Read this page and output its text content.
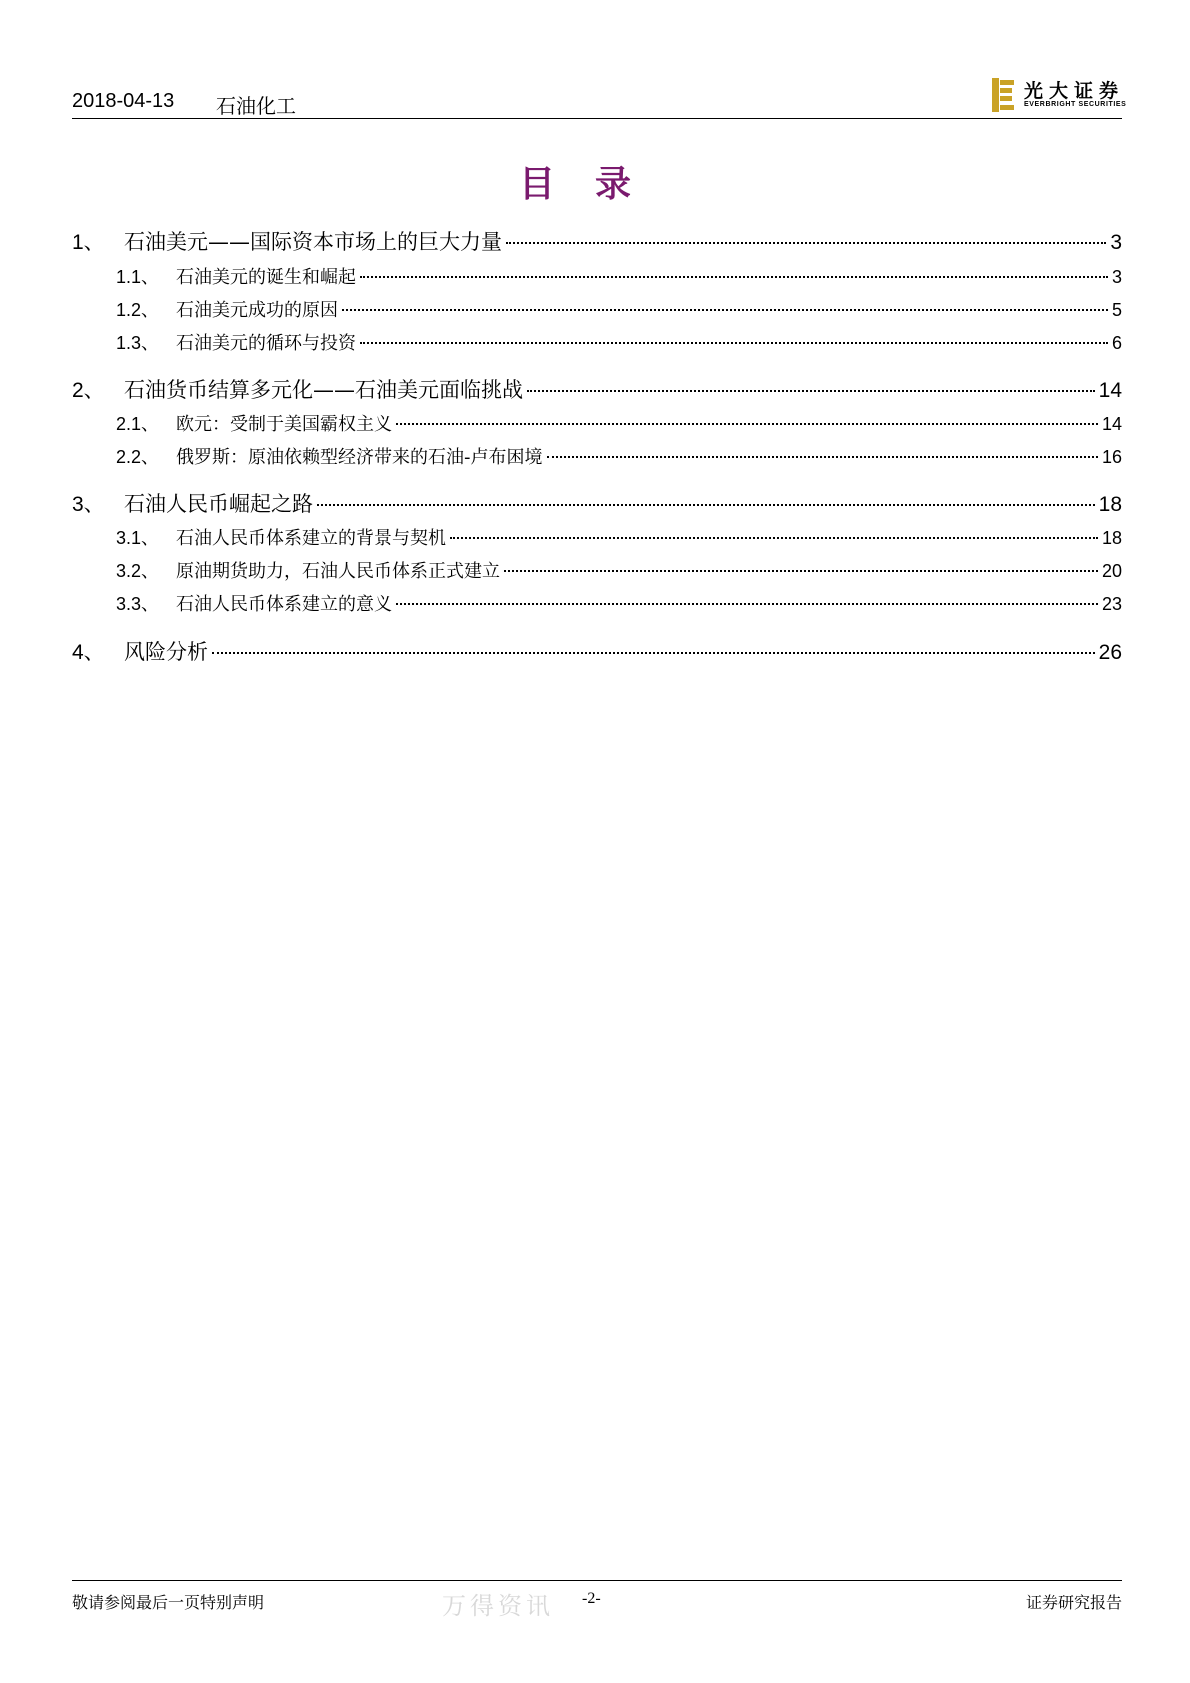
2018-04-13 石油化工
光大证券
EVERBRIGHT SECURITIES
目录
1、 石油美元——国际资本市场上的巨大力量	3
1.1、 石油美元的诞生和崛起	3
1.2、 石油美元成功的原因	5
1.3、 石油美元的循环与投资	6
2、 石油货币结算多元化——石油美元面临挑战	14
2.1、 欧元：受制于美国霸权主义	14
2.2、 俄罗斯：原油依赖型经济带来的石油-卢布困境	16
3、 石油人民币崛起之路	18
3.1、 石油人民币体系建立的背景与契机	18
3.2、 原油期货助力，石油人民币体系正式建立	20
3.3、 石油人民币体系建立的意义	23
4、 风险分析	26
敬请参阅最后一页特别声明	万得资讯 -2-	证券研究报告
